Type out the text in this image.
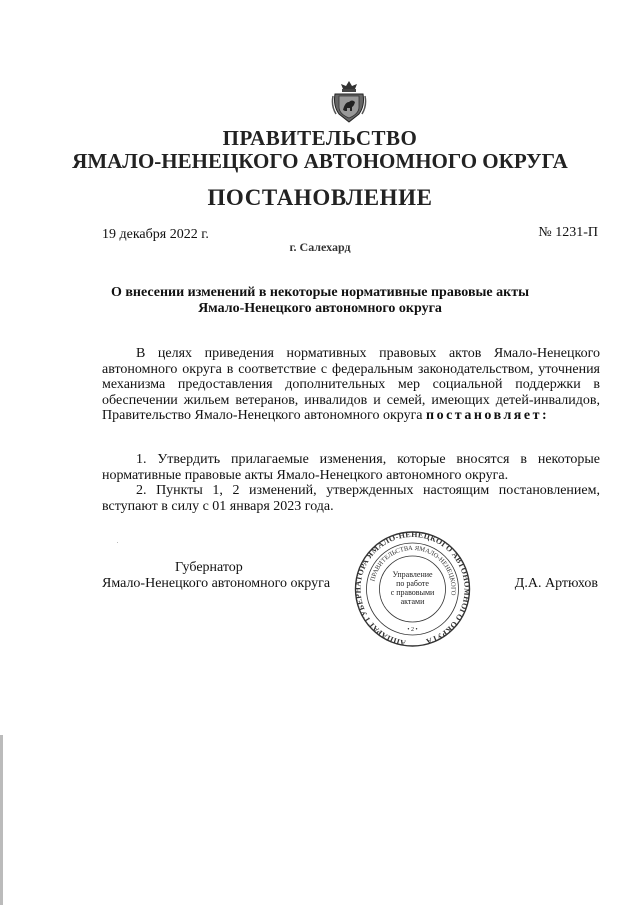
ПРАВИТЕЛЬСТВО
ЯМАЛО-НЕНЕЦКОГО АВТОНОМНОГО ОКРУГА
ПОСТАНОВЛЕНИЕ
19 декабря 2022 г.	№ 1231-П
г. Салехард
О внесении изменений в некоторые нормативные правовые акты
Ямало-Ненецкого автономного округа

В целях приведения нормативных правовых актов Ямало-Ненецкого автономного округа в соответствие с федеральным законодательством, уточнения механизма предоставления дополнительных мер социальной поддержки в обеспечении жильем ветеранов, инвалидов и семей, имеющих детей-инвалидов, Правительство Ямало-Ненецкого автономного округа постановляет:

1. Утвердить прилагаемые изменения, которые вносятся в некоторые нормативные правовые акты Ямало-Ненецкого автономного округа.

2. Пункты 1, 2 изменений, утвержденных настоящим постановлением, вступают в силу с 01 января 2023 года.

Губернатор
Ямало-Ненецкого автономного округа	Д.А. Артюхов
АППАРАТ ГУБЕРНАТОРА ЯМАЛО-НЕНЕЦКОГО АВТОНОМНОГО ОКРУГА
ПРАВИТЕЛЬСТВА ЯМАЛО-НЕНЕЦКОГО
Управление
по работе
с правовыми
актами
• 2 •
